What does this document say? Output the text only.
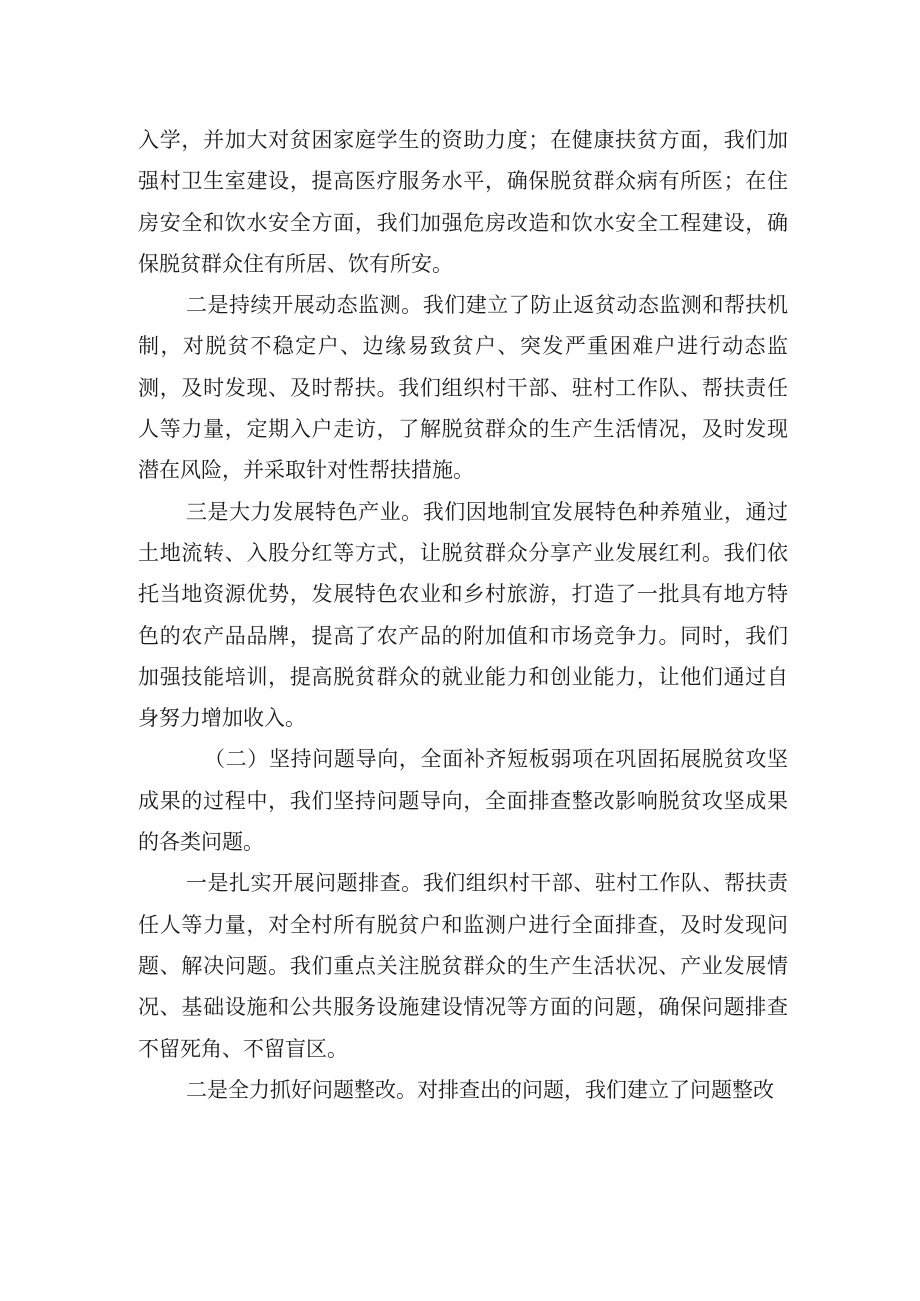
入学，并加大对贫困家庭学生的资助力度；在健康扶贫方面，我们加强村卫生室建设，提高医疗服务水平，确保脱贫群众病有所医；在住房安全和饮水安全方面，我们加强危房改造和饮水安全工程建设，确保脱贫群众住有所居、饮有所安。

二是持续开展动态监测。我们建立了防止返贫动态监测和帮扶机制，对脱贫不稳定户、边缘易致贫户、突发严重困难户进行动态监测，及时发现、及时帮扶。我们组织村干部、驻村工作队、帮扶责任人等力量，定期入户走访，了解脱贫群众的生产生活情况，及时发现潜在风险，并采取针对性帮扶措施。

三是大力发展特色产业。我们因地制宜发展特色种养殖业，通过土地流转、入股分红等方式，让脱贫群众分享产业发展红利。我们依托当地资源优势，发展特色农业和乡村旅游，打造了一批具有地方特色的农产品品牌，提高了农产品的附加值和市场竞争力。同时，我们加强技能培训，提高脱贫群众的就业能力和创业能力，让他们通过自身努力增加收入。

（二）坚持问题导向，全面补齐短板弱项在巩固拓展脱贫攻坚成果的过程中，我们坚持问题导向，全面排查整改影响脱贫攻坚成果的各类问题。

一是扎实开展问题排查。我们组织村干部、驻村工作队、帮扶责任人等力量，对全村所有脱贫户和监测户进行全面排查，及时发现问题、解决问题。我们重点关注脱贫群众的生产生活状况、产业发展情况、基础设施和公共服务设施建设情况等方面的问题，确保问题排查不留死角、不留盲区。

二是全力抓好问题整改。对排查出的问题，我们建立了问题整改
